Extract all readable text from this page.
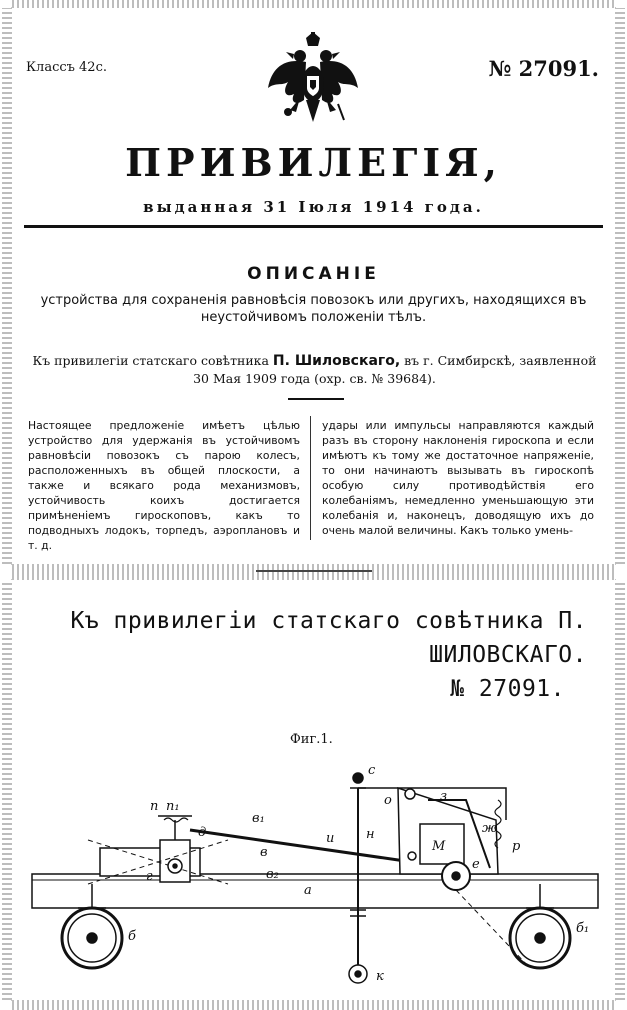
Классъ 42с.	№ 27091.
ПРИВИЛЕГІЯ,
выданная 31 Іюля 1914 года.
ОПИСАНІЕ
устройства для сохраненія равновѣсія повозокъ или другихъ, находящихся въ неустойчивомъ положеніи тѣлъ.
Къ привилегіи статскаго совѣтника П. Шиловскаго, въ г. Симбирскѣ, заявленной 30 Мая 1909 года (охр. св. № 39684).
Настоящее предложеніе имѣетъ цѣлью устройство для удержанія въ устойчивомъ равновѣсіи повозокъ съ парою колесъ, расположенныхъ въ общей плоскости, а также и всякаго рода механизмовъ, устойчивость коихъ достигается примѣненіемъ гироскоповъ, какъ то подводныхъ лодокъ, торпедъ, аэроплановъ и т. д.
удары или импульсы направляются каждый разъ въ сторону наклоненія гироскопа и если имѣютъ къ тому же достаточное напряженіе, то они начинаютъ вызывать въ гироскопѣ особую силу противодѣйствія его колебаніямъ, немедленно уменьшающую эти колебанія и, наконецъ, доводящую ихъ до очень малой величины. Какъ только умень-
Къ привилегіи статскаго совѣтника П. ШИЛОВСКАГО.
№ 27091.
Фиг.1.
n n₁
в₁
в
д
г	в₂
с
о	з
и н	ж
М
е
р
а
к
б
б₁
